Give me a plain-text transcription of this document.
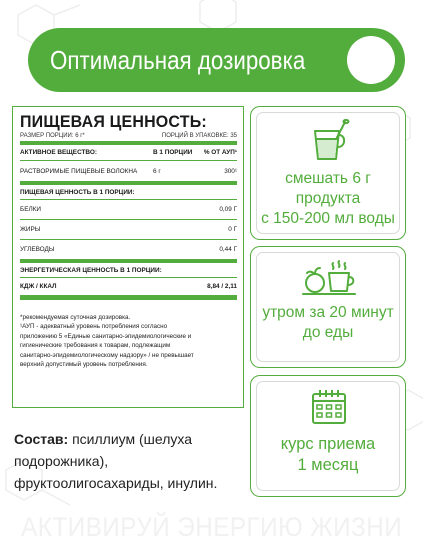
Оптимальная дозировка
ПИЩЕВАЯ ЦЕННОСТЬ:
РАЗМЕР ПОРЦИИ: 6 г*	ПОРЦИЙ В УПАКОВКЕ: 35
АКТИВНОЕ ВЕЩЕСТВО:	В 1 ПОРЦИИ	% ОТ АУП¹
РАСТВОРИМЫЕ ПИЩЕВЫЕ ВОЛОКНА	6 г	300¹
ПИЩЕВАЯ ЦЕННОСТЬ В 1 ПОРЦИИ:
БЕЛКИ	0,09 Г
ЖИРЫ	0 Г
УГЛЕВОДЫ	0,44 Г
ЭНЕРГЕТИЧЕСКАЯ ЦЕННОСТЬ В 1 ПОРЦИИ:
КДЖ / ККАЛ	8,84 / 2,11
*рекомендуемая суточная дозировка.
¹АУП - адекватный уровень потребления согласно
приложению 5 «Единые санитарно-эпидемиологические и
гигиенические требования к товарам, подлежащим
санитарно-эпидемиологическому надзору» / не превышает
верхний допустимый уровень потребления.
Состав: псиллиум (шелуха подорожника), фруктоолигосахариды, инулин.
смешать 6 г продукта
с 150-200 мл воды
утром за 20 минут
до еды
курс приема
1 месяц
АКТИВИРУЙ ЭНЕРГИЮ ЖИЗНИ
